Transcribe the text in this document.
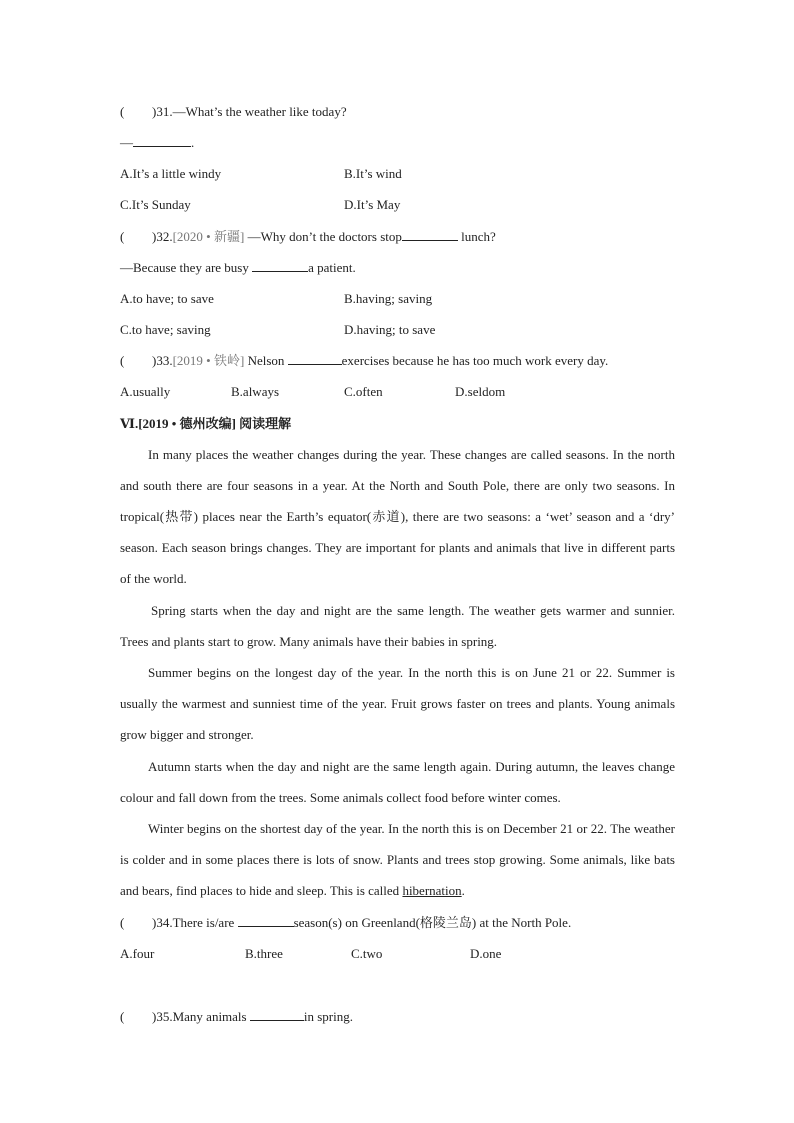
( )31.—What’s the weather like today?
—	.
A.It’s a little windy	B.It’s wind
C.It’s Sunday	D.It’s May
( )32.[2020 • 新疆] —Why don’t the doctors stop	lunch?
—Because they are busy	a patient.
A.to have; to save	B.having; saving
C.to have; saving	D.having; to save
( )33.[2019 • 铁岭] Nelson	exercises because he has too much work every day.
A.usually	B.always	C.often	D.seldom
Ⅵ.[2019 • 德州改编] 阅读理解

In many places the weather changes during the year. These changes are called seasons. In the north and south there are four seasons in a year. At the North and South Pole, there are only two seasons. In tropical(热带) places near the Earth’s equator(赤道), there are two seasons: a ‘wet’ season and a ‘dry’ season. Each season brings changes. They are important for plants and animals that live in different parts of the world.

Spring starts when the day and night are the same length. The weather gets warmer and sunnier. Trees and plants start to grow. Many animals have their babies in spring.

Summer begins on the longest day of the year. In the north this is on June 21 or 22. Summer is usually the warmest and sunniest time of the year. Fruit grows faster on trees and plants. Young animals grow bigger and stronger.

Autumn starts when the day and night are the same length again. During autumn, the leaves change colour and fall down from the trees. Some animals collect food before winter comes.

Winter begins on the shortest day of the year. In the north this is on December 21 or 22. The weather is colder and in some places there is lots of snow. Plants and trees stop growing. Some animals, like bats and bears, find places to hide and sleep. This is called hibernation.

( )34.There is/are	season(s) on Greenland(格陵兰岛) at the North Pole.
A.four	B.three	C.two	D.one
( )35.Many animals	in spring.
